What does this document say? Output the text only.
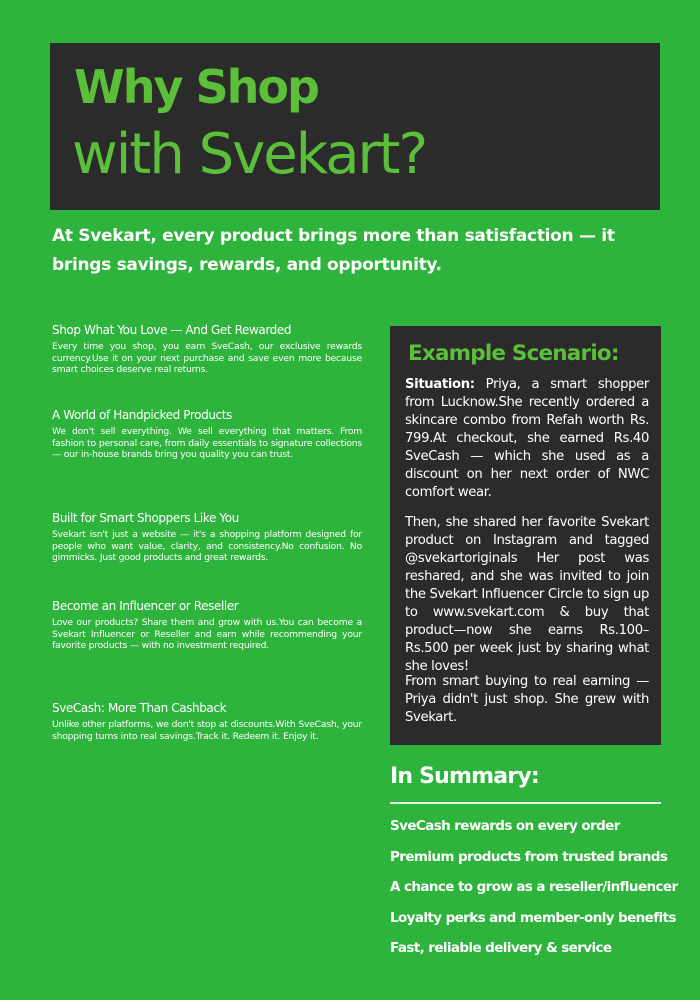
Why Shop
with Svekart?
At Svekart, every product brings more than satisfaction — it brings savings, rewards, and opportunity.
Shop What You Love — And Get Rewarded

Every time you shop, you earn SveCash, our exclusive rewards currency.Use it on your next purchase and save even more because smart choices deserve real returns.

A World of Handpicked Products

We don't sell everything. We sell everything that matters. From fashion to personal care, from daily essentials to signature collections — our in-house brands bring you quality you can trust.

Built for Smart Shoppers Like You

Svekart isn't just a website — it's a shopping platform designed for people who want value, clarity, and consistency.No confusion. No gimmicks. Just good products and great rewards.

Become an Influencer or Reseller

Love our products? Share them and grow with us.You can become a Svekart Influencer or Reseller and earn while recommending your favorite products — with no investment required.

SveCash: More Than Cashback

Unlike other platforms, we don't stop at discounts.With SveCash, your shopping turns into real savings.Track it. Redeem it. Enjoy it.

Example Scenario:
Situation: Priya, a smart shopper from Lucknow.She recently ordered a skincare combo from Refah worth Rs. 799.At checkout, she earned Rs.40 SveCash — which she used as a discount on her next order of NWC comfort wear.
Then, she shared her favorite Svekart product on Instagram and tagged @svekartoriginals Her post was reshared, and she was invited to join the Svekart Influencer Circle to sign up to www.svekart.com & buy that product—now she earns Rs.100–Rs.500 per week just by sharing what she loves!
From smart buying to real earning — Priya didn't just shop. She grew with Svekart.
In Summary:
SveCash rewards on every order
Premium products from trusted brands
A chance to grow as a reseller/influencer
Loyalty perks and member-only benefits
Fast, reliable delivery & service
